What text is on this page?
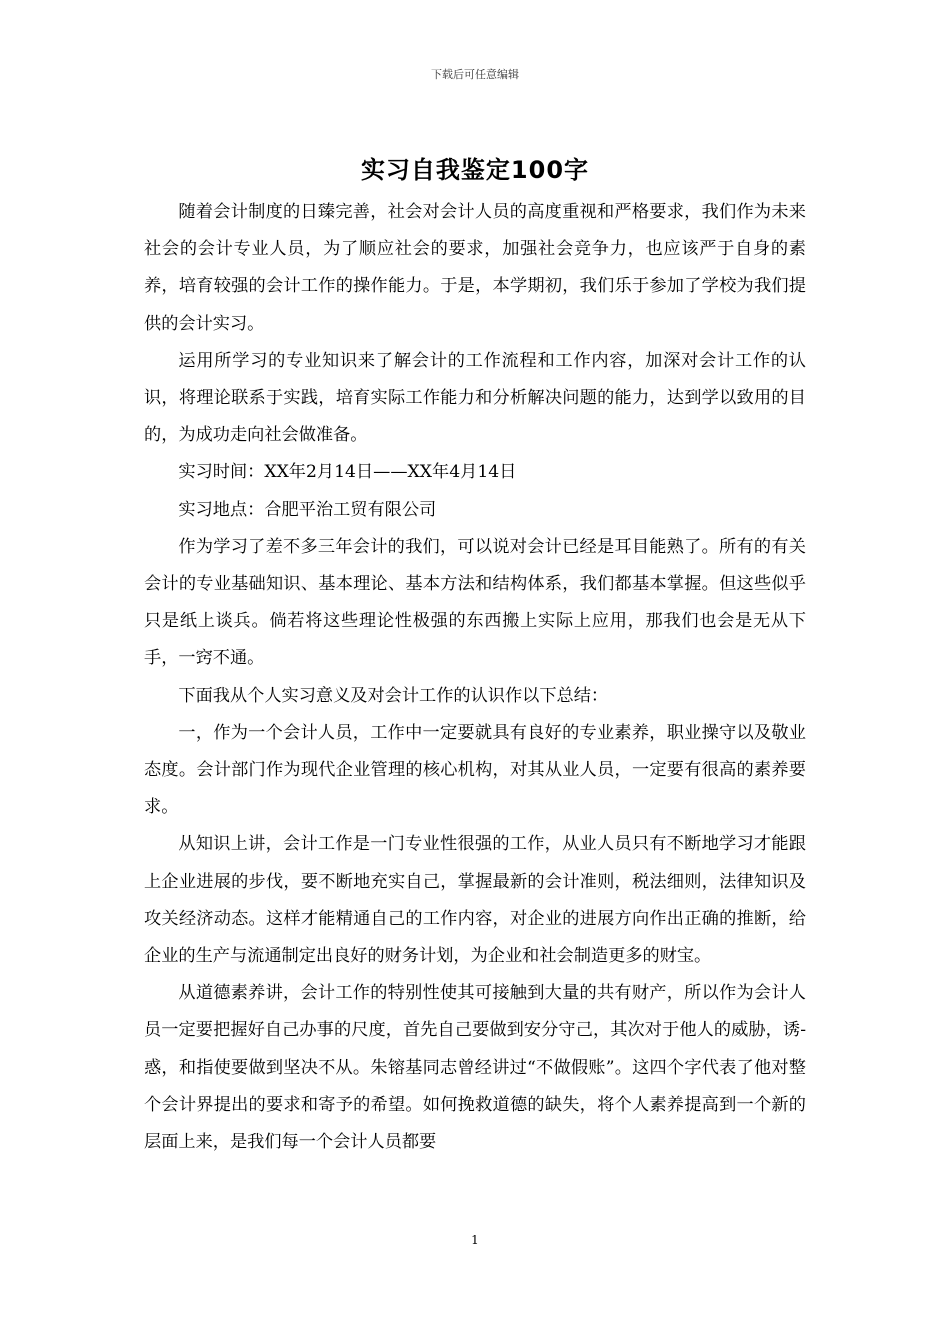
下载后可任意编辑
实习自我鉴定100字

随着会计制度的日臻完善，社会对会计人员的高度重视和严格要求，我们作为未来社会的会计专业人员，为了顺应社会的要求，加强社会竞争力，也应该严于自身的素养，培育较强的会计工作的操作能力。于是，本学期初，我们乐于参加了学校为我们提供的会计实习。

运用所学习的专业知识来了解会计的工作流程和工作内容，加深对会计工作的认识，将理论联系于实践，培育实际工作能力和分析解决问题的能力，达到学以致用的目的，为成功走向社会做准备。

实习时间：XX年2月14日——XX年4月14日

实习地点：合肥平治工贸有限公司

作为学习了差不多三年会计的我们，可以说对会计已经是耳目能熟了。所有的有关会计的专业基础知识、基本理论、基本方法和结构体系，我们都基本掌握。但这些似乎只是纸上谈兵。倘若将这些理论性极强的东西搬上实际上应用，那我们也会是无从下手，一窍不通。

下面我从个人实习意义及对会计工作的认识作以下总结：

一，作为一个会计人员，工作中一定要就具有良好的专业素养，职业操守以及敬业态度。会计部门作为现代企业管理的核心机构，对其从业人员，一定要有很高的素养要求。

从知识上讲，会计工作是一门专业性很强的工作，从业人员只有不断地学习才能跟上企业进展的步伐，要不断地充实自己，掌握最新的会计准则，税法细则，法律知识及攻关经济动态。这样才能精通自己的工作内容，对企业的进展方向作出正确的推断，给企业的生产与流通制定出良好的财务计划，为企业和社会制造更多的财宝。

从道德素养讲，会计工作的特别性使其可接触到大量的共有财产，所以作为会计人员一定要把握好自己办事的尺度，首先自己要做到安分守己，其次对于他人的威胁，诱-惑，和指使要做到坚决不从。朱镕基同志曾经讲过“不做假账”。这四个字代表了他对整个会计界提出的要求和寄予的希望。如何挽救道德的缺失，将个人素养提高到一个新的层面上来，是我们每一个会计人员都要

1
